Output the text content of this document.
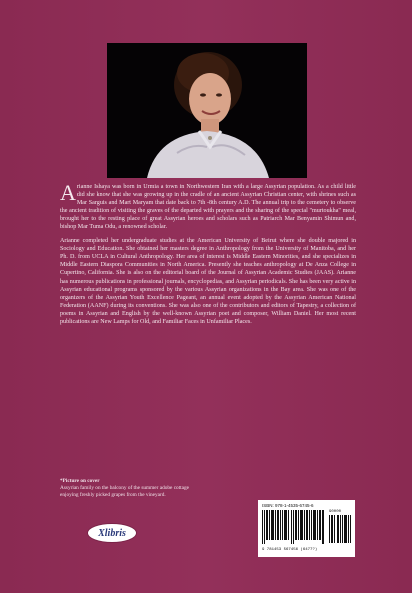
Arianne Ishaya was born in Urmia a town in Northwestern Iran with a large Assyrian population. As a child little did she know that she was growing up in the cradle of an ancient Assyrian Christian center, with shrines such as Mar Sarguis and Mart Maryam that date back to 7th -8th century A.D. The annual trip to the cemetery to observe the ancient tradition of visiting the graves of the departed with prayers and the sharing of the special "murtoukha" meal, brought her to the resting place of great Assyrian heroes and scholars such as Patriarch Mar Benyamin Shimun and, bishop Mar Tuma Odu, a renowned scholar.

Arianne completed her undergraduate studies at the American University of Beirut where she double majored in Sociology and Education. She obtained her masters degree in Anthropology from the University of Manitoba, and her Ph. D. from UCLA in Cultural Anthropology. Her area of interest is Middle Eastern Minorities, and she specializes in Middle Eastern Diaspora Communities in North America. Presently she teaches anthropology at De Anza College in Cupertino, California. She is also on the editorial board of the Journal of Assyrian Academic Studies (JAAS). Arianne has numerous publications in professional journals, encyclopedias, and Assyrian periodicals. She has been very active in Assyrian educational programs sponsored by the various Assyrian organizations in the Bay area. She was one of the organizers of the Assyrian Youth Excellence Pageant, an annual event adopted by the Assyrian American National Federation (AANF) during its conventions. She was also one of the contributors and editors of Tapestry, a collection of poems in Assyrian and English by the well-known Assyrian poet and composer, William Daniel. Her most recent publications are New Lamps for Old, and Familiar Faces in Unfamiliar Places.

*Picture on cover
Assyrian family on the balcony of the summer adobe cottage
enjoying freshly picked grapes from the vineyard.
Xlibris
ISBN: 978-1-4535-6745-6
90000
9 781453 567456 (6477?)
